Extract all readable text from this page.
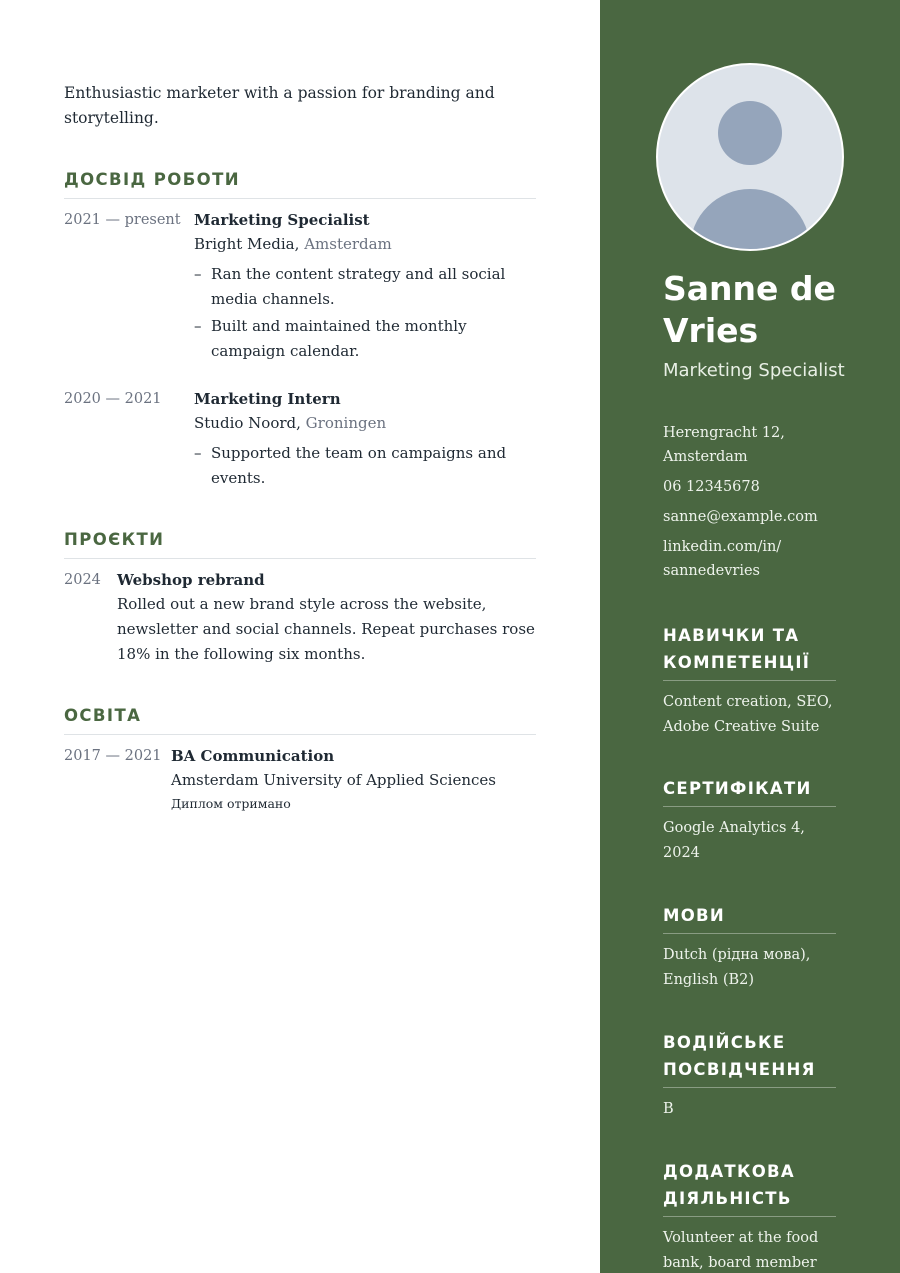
Enthusiastic marketer with a passion for branding and storytelling.

ДОСВІД РОБОТИ
2021 — present Marketing Specialist
Bright Media, Amsterdam
– Ran the content strategy and all social media channels.
– Built and maintained the monthly campaign calendar.
2020 — 2021 Marketing Intern
Studio Noord, Groningen
– Supported the team on campaigns and events.
ПРОЄКТИ
2024 Webshop rebrand
Rolled out a new brand style across the website, newsletter and social channels. Repeat purchases rose 18% in the following six months.
ОСВІТА
2017 — 2021 BA Communication
Amsterdam University of Applied Sciences
Диплом отримано
Sanne de Vries
Marketing Specialist
Herengracht 12, Amsterdam
06 12345678
sanne@example.com
linkedin.com/in/ sannedevries
НАВИЧКИ ТА КОМПЕТЕНЦІЇ
Content creation, SEO, Adobe Creative Suite
СЕРТИФІКАТИ
Google Analytics 4, 2024
МОВИ
Dutch (рідна мова), English (B2)
ВОДІЙСЬКЕ ПОСВІДЧЕННЯ
B
ДОДАТКОВА ДІЯЛЬНІСТЬ
Volunteer at the food bank, board member
